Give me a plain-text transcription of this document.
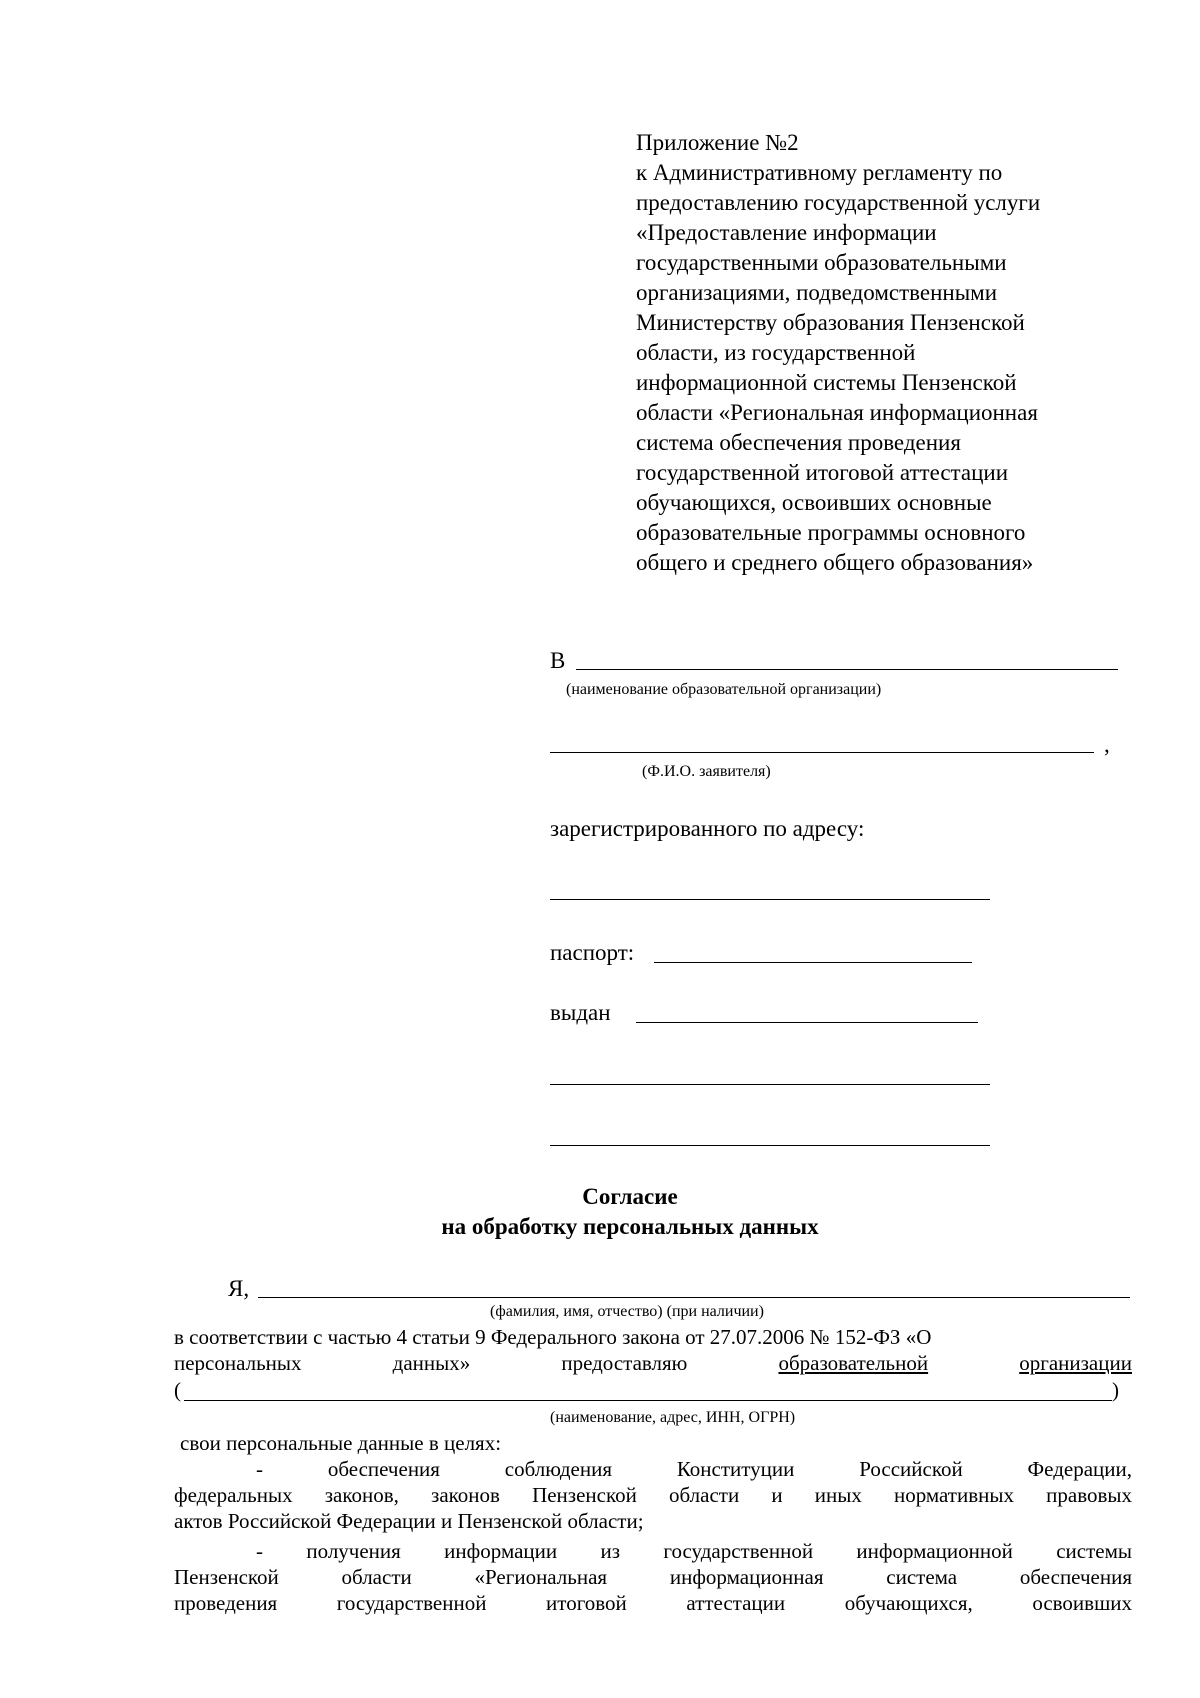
Приложение №2
к Административному регламенту по
предоставлению государственной услуги
«Предоставление информации
государственными образовательными
организациями, подведомственными
Министерству образования Пензенской
области, из государственной
информационной системы Пензенской
области «Региональная информационная
система обеспечения проведения
государственной итоговой аттестации
обучающихся, освоивших основные
образовательные программы основного
общего и среднего общего образования»
В
(наименование образовательной организации)
,
(Ф.И.О. заявителя)
зарегистрированного по адресу:
паспорт:
выдан
Согласие
на обработку персональных данных
Я,
(фамилия, имя, отчество) (при наличии)
в соответствии с частью 4 статьи 9 Федерального закона от 27.07.2006 № 152-ФЗ «О
персональных	данных»	предоставляю	образовательной	организации
(	)
(наименование, адрес, ИНН, ОГРН)
свои персональные данные в целях:
- обеспечения соблюдения Конституции Российской Федерации,
федеральных законов, законов Пензенской области и иных нормативных правовых
актов Российской Федерации и Пензенской области;
- получения информации из государственной информационной системы
Пензенской области «Региональная информационная система обеспечения
проведения государственной итоговой аттестации обучающихся, освоивших
